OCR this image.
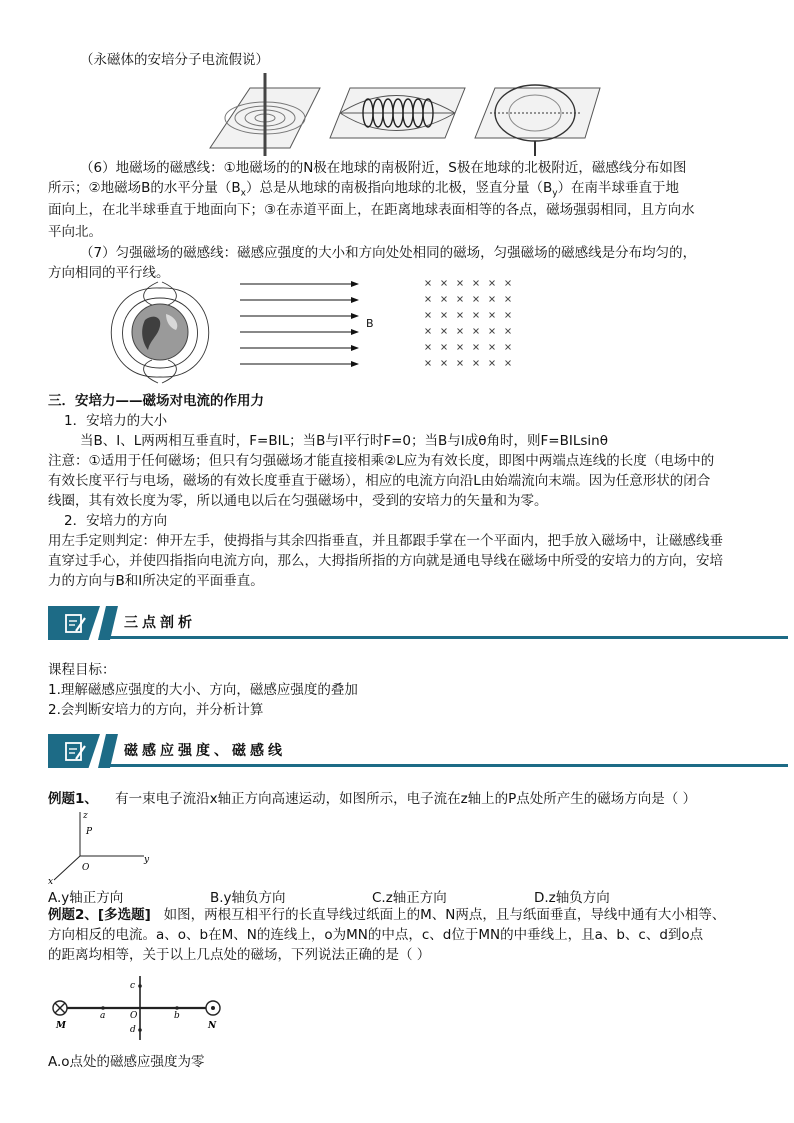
（永磁体的安培分子电流假说）
（6）地磁场的磁感线：①地磁场的的N极在地球的南极附近，S极在地球的北极附近，磁感线分布如图
所示；②地磁场B的水平分量$(B_x)$总是从地球的南极指向地球的北极，竖直分量$(B_y)$在南半球垂直于地
面向上，在北半球垂直于地面向下；③在赤道平面上，在距离地球表面相等的各点，磁场强弱相同，且方向水
平向北。
（7）匀强磁场的磁感线：磁感应强度的大小和方向处处相同的磁场，匀强磁场的磁感线是分布均匀的，
方向相同的平行线。
B
三．安培力——磁场对电流的作用力
1．安培力的大小
当B、I、L两两相互垂直时，F=BIL；当B与I平行时F=0；当B与I成θ角时，则F=BILsinθ
注意：①适用于任何磁场；但只有匀强磁场才能直接相乘②L应为有效长度，即图中两端点连线的长度（电场中的
有效长度平行与电场，磁场的有效长度垂直于磁场），相应的电流方向沿L由始端流向末端。因为任意形状的闭合
线圈，其有效长度为零，所以通电以后在匀强磁场中，受到的安培力的矢量和为零。
2．安培力的方向
用左手定则判定：伸开左手，使拇指与其余四指垂直，并且都跟手掌在一个平面内，把手放入磁场中，让磁感线垂
直穿过手心，并使四指指向电流方向，那么，大拇指所指的方向就是通电导线在磁场中所受的安培力的方向，安培
力的方向与B和I所决定的平面垂直。
三点剖析
课程目标：
1.理解磁感应强度的大小、方向，磁感应强度的叠加
2.会判断安培力的方向，并分析计算
磁感应强度、磁感线
例题1、 有一束电子流沿x轴正方向高速运动，如图所示，电子流在z轴上的P点处所产生的磁场方向是（ ）
z
P
O
y
x
A.y轴正方向	B.y轴负方向	C.z轴正方向	D.z轴负方向
例题2、[多选题] 如图，两根互相平行的长直导线过纸面上的M、N两点，且与纸面垂直，导线中通有大小相等、
方向相反的电流。a、o、b在M、N的连线上，o为MN的中点，c、d位于MN的中垂线上，且a、b、c、d到o点
的距离均相等，关于以上几点处的磁场，下列说法正确的是（ ）
M
a	O	b
N
c
d
A.o点处的磁感应强度为零
